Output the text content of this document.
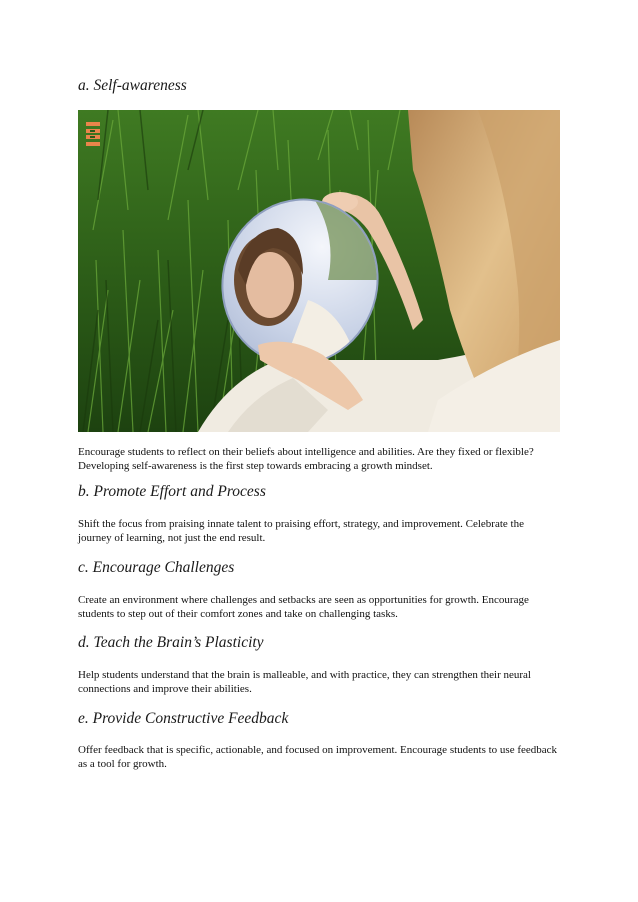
a. Self-awareness

Encourage students to reflect on their beliefs about intelligence and abilities. Are they fixed or flexible? Developing self-awareness is the first step towards embracing a growth mindset.

b. Promote Effort and Process

Shift the focus from praising innate talent to praising effort, strategy, and improvement. Celebrate the journey of learning, not just the end result.

c. Encourage Challenges

Create an environment where challenges and setbacks are seen as opportunities for growth. Encourage students to step out of their comfort zones and take on challenging tasks.

d. Teach the Brain’s Plasticity

Help students understand that the brain is malleable, and with practice, they can strengthen their neural connections and improve their abilities.

e. Provide Constructive Feedback

Offer feedback that is specific, actionable, and focused on improvement. Encourage students to use feedback as a tool for growth.
